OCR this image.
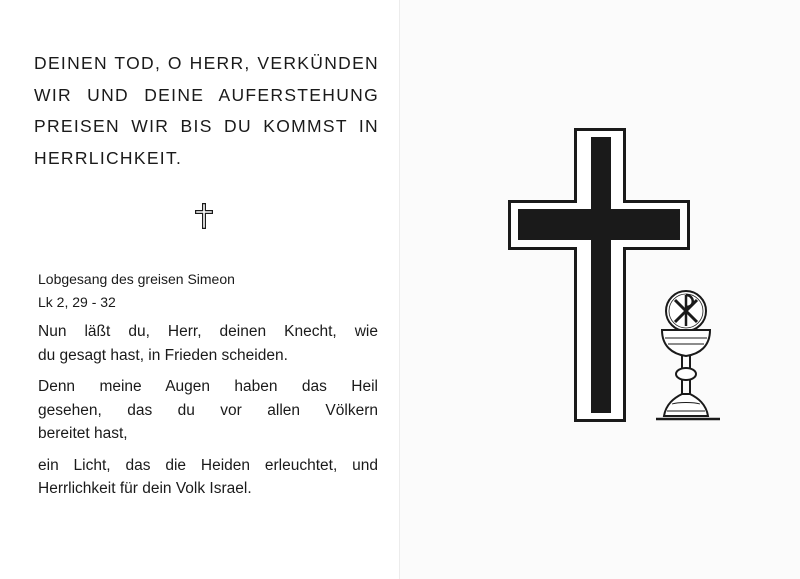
DEINEN TOD, O HERR, VERKÜNDEN
WIR UND DEINE AUFERSTEHUNG
PREISEN WIR BIS DU KOMMST IN
HERRLICHKEIT.

Lobgesang des greisen Simeon

Lk 2, 29 - 32

Nun läßt du, Herr, deinen Knecht, wie
du gesagt hast, in Frieden scheiden.

Denn meine Augen haben das Heil
gesehen, das du vor allen Völkern
bereitet hast,

ein Licht, das die Heiden erleuchtet, und
Herrlichkeit für dein Volk Israel.
